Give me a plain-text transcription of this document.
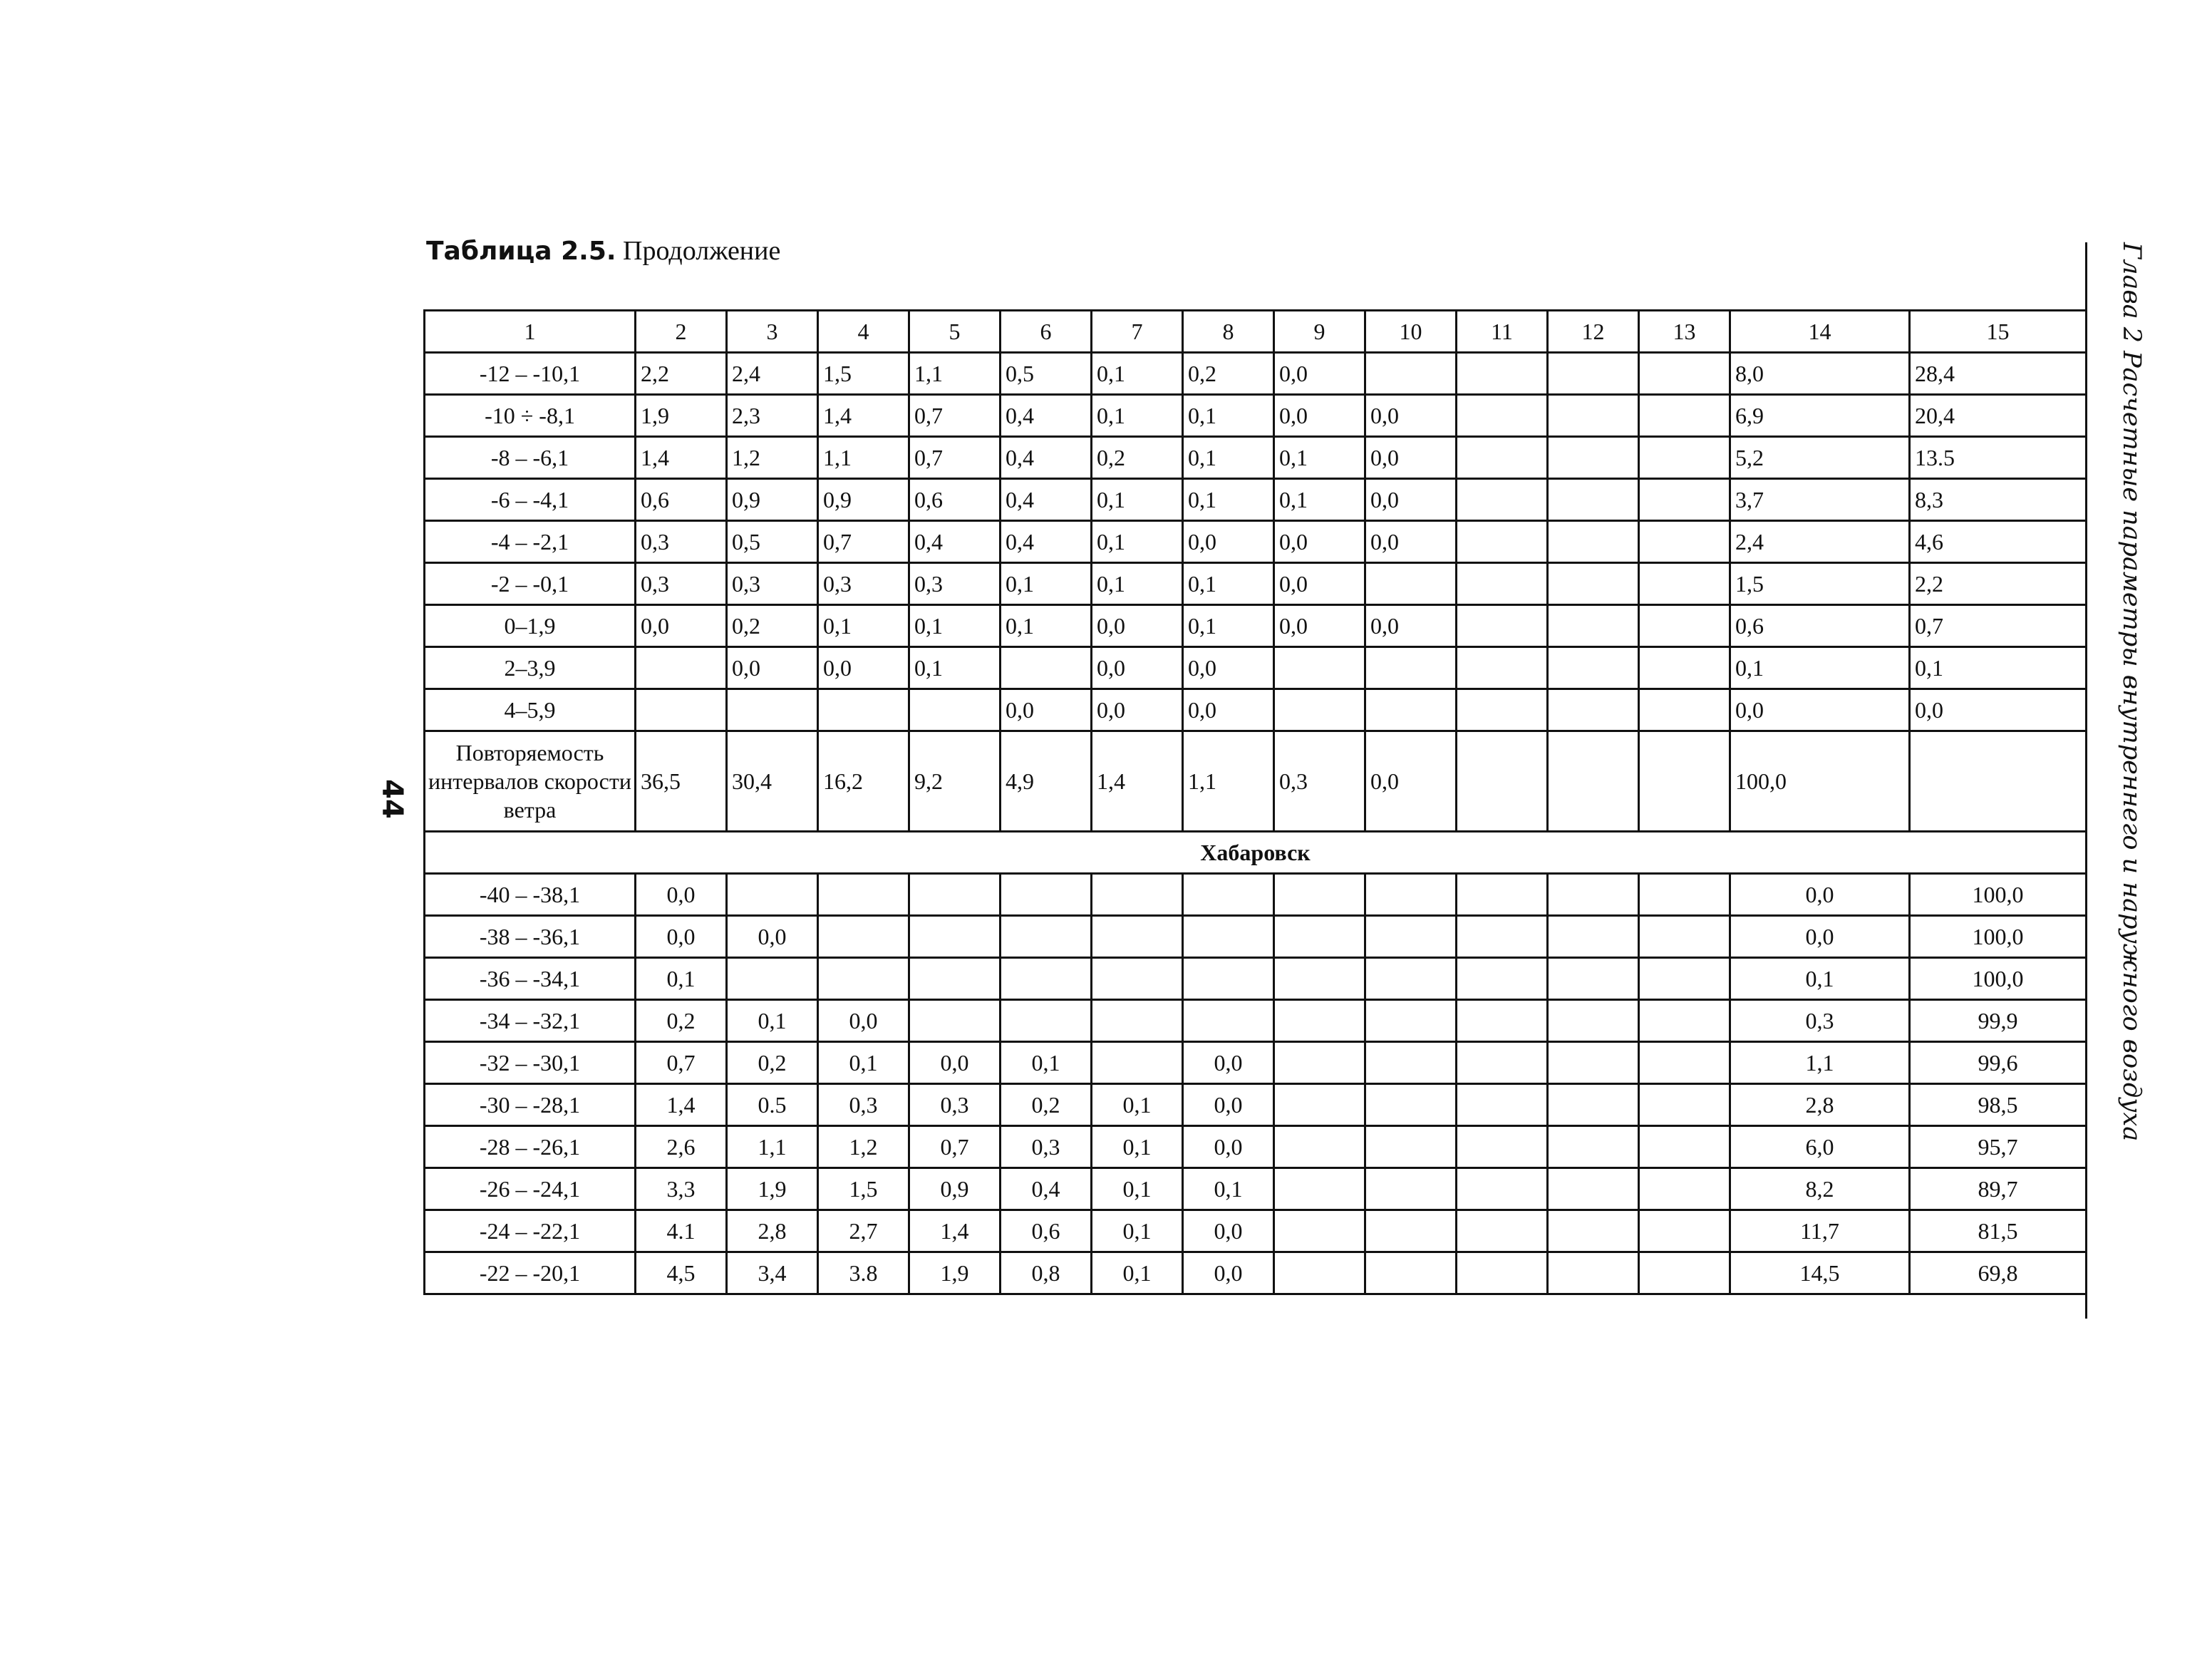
Таблица 2.5. Продолжение
44	Глава 2 Расчетные параметры внутреннего и наружного воздуха
1	2	3	4	5	6	7	8	9	10	11	12	13	14	15
-12 – -10,1	2,2	2,4	1,5	1,1	0,5	0,1	0,2	0,0					8,0	28,4
-10 ÷ -8,1	1,9	2,3	1,4	0,7	0,4	0,1	0,1	0,0	0,0				6,9	20,4
-8 – -6,1	1,4	1,2	1,1	0,7	0,4	0,2	0,1	0,1	0,0				5,2	13.5
-6 – -4,1	0,6	0,9	0,9	0,6	0,4	0,1	0,1	0,1	0,0				3,7	8,3
-4 – -2,1	0,3	0,5	0,7	0,4	0,4	0,1	0,0	0,0	0,0				2,4	4,6
-2 – -0,1	0,3	0,3	0,3	0,3	0,1	0,1	0,1	0,0					1,5	2,2
0–1,9	0,0	0,2	0,1	0,1	0,1	0,0	0,1	0,0	0,0				0,6	0,7
2–3,9		0,0	0,0	0,1		0,0	0,0						0,1	0,1
4–5,9					0,0	0,0	0,0						0,0	0,0
Повторяемость интервалов скорости ветра	36,5	30,4	16,2	9,2	4,9	1,4	1,1	0,3	0,0				100,0	
Хабаровск														
-40 – -38,1	0,0												0,0	100,0
-38 – -36,1	0,0	0,0											0,0	100,0
-36 – -34,1	0,1												0,1	100,0
-34 – -32,1	0,2	0,1	0,0										0,3	99,9
-32 – -30,1	0,7	0,2	0,1	0,0	0,1		0,0						1,1	99,6
-30 – -28,1	1,4	0.5	0,3	0,3	0,2	0,1	0,0						2,8	98,5
-28 – -26,1	2,6	1,1	1,2	0,7	0,3	0,1	0,0						6,0	95,7
-26 – -24,1	3,3	1,9	1,5	0,9	0,4	0,1	0,1						8,2	89,7
-24 – -22,1	4.1	2,8	2,7	1,4	0,6	0,1	0,0						11,7	81,5
-22 – -20,1	4,5	3,4	3.8	1,9	0,8	0,1	0,0						14,5	69,8
